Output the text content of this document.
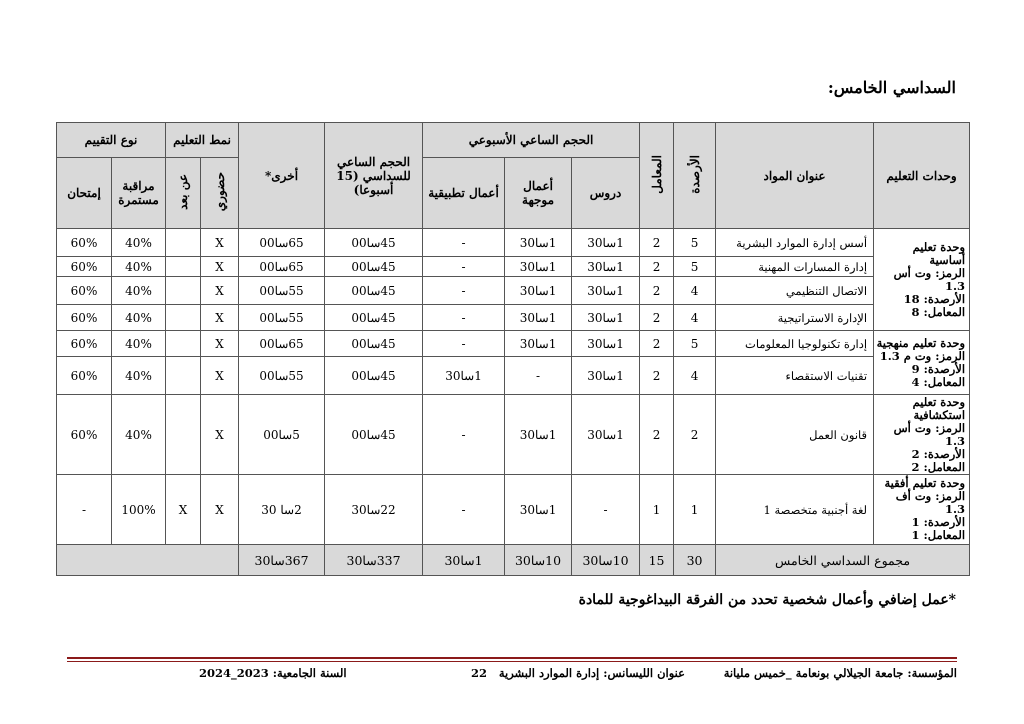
السداسي الخامس:
وحدات التعليم	عنوان المواد	الأرصدة	المعامل	الحجم الساعي الأسبوعي			الحجم الساعي للسداسي (15 أسبوعا)	أخرى*	نمط التعليم		نوع التقييم	
				دروس	أعمال موجهة	أعمال تطبيقية			حضوري	عن بعد	مراقبة مستمرة	إمتحان

وحدة تعليم أساسية
الرمز: وت أس 1.3
الأرصدة: 18
المعامل: 8	أسس إدارة الموارد البشرية	5	2	1سا30	1سا30	-	45سا00	65سا00	X		40%	60%
	إدارة المسارات المهنية	5	2	1سا30	1سا30	-	45سا00	65سا00	X		40%	60%
	الاتصال التنظيمي	4	2	1سا30	1سا30	-	45سا00	55سا00	X		40%	60%
	الإدارة الاستراتيجية	4	2	1سا30	1سا30	-	45سا00	55سا00	X		40%	60%

وحدة تعليم منهجية
الرمز: وت م 1.3
الأرصدة: 9
المعامل: 4	إدارة تكنولوجيا المعلومات	5	2	1سا30	1سا30	-	45سا00	65سا00	X		40%	60%
	تقنيات الاستقصاء	4	2	1سا30	-	1سا30	45سا00	55سا00	X		40%	60%

وحدة تعليم
استكشافية
الرمز: وت أس 1.3
الأرصدة: 2
المعامل: 2	قانون العمل	2	2	1سا30	1سا30	-	45سا00	5سا00	X		40%	60%

وحدة تعليم أفقية
الرمز: وت أف 1.3
الأرصدة: 1
المعامل: 1	لغة أجنبية متخصصة 1	1	1	-	1سا30	-	22سا30	2سا 30	X	X	100%	-
مجموع السداسي الخامس		30	15	10سا30	10سا30	1سا30	337سا30	367سا30				
*عمل إضافي وأعمال شخصية تحدد من الفرقة البيداغوجية للمادة
المؤسسة: جامعة الجيلالي بونعامة _خميس مليانة
عنوان الليسانس: إدارة الموارد البشرية
22
السنة الجامعية: 2023_2024
